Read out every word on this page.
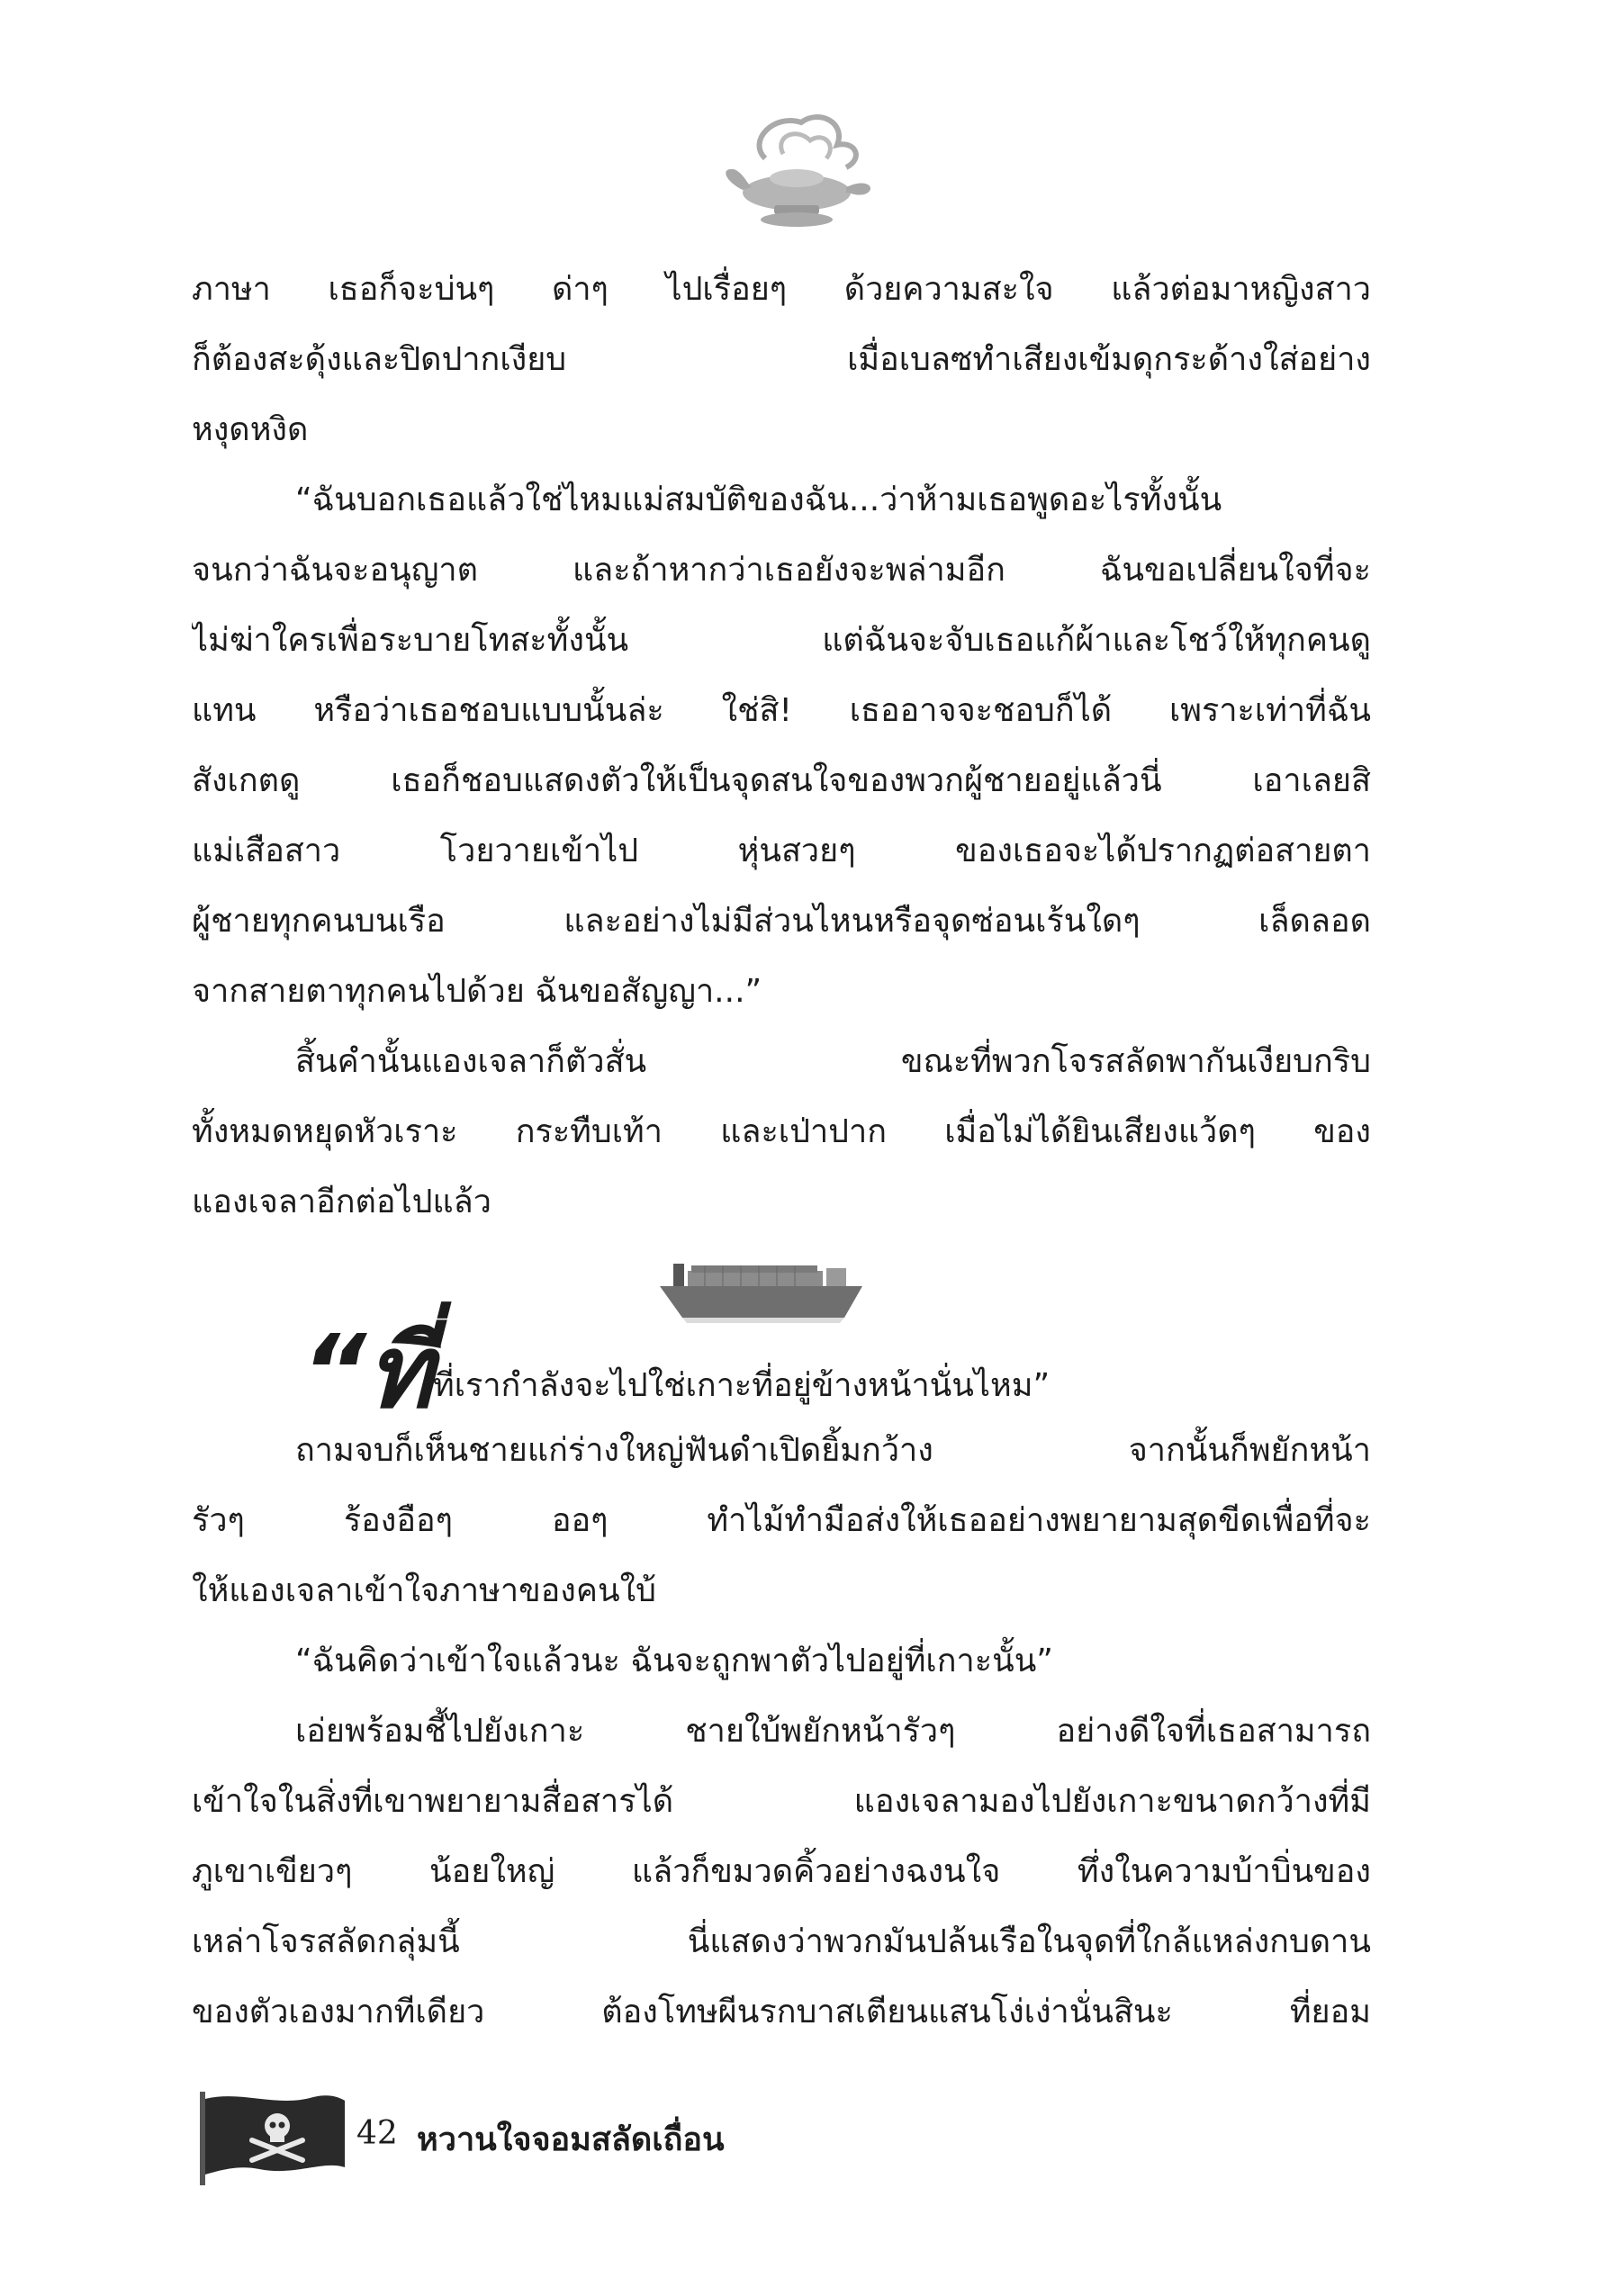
ภาษา เธอก็จะบ่นๆ ด่าๆ ไปเรื่อยๆ ด้วยความสะใจ แล้วต่อมาหญิงสาว
ก็ต้องสะดุ้งและปิดปากเงียบ เมื่อเบลซทำเสียงเข้มดุกระด้างใส่อย่าง
หงุดหงิด
“ฉันบอกเธอแล้วใช่ไหมแม่สมบัติของฉัน...ว่าห้ามเธอพูดอะไรทั้งนั้น
จนกว่าฉันจะอนุญาต และถ้าหากว่าเธอยังจะพล่ามอีก ฉันขอเปลี่ยนใจที่จะ
ไม่ฆ่าใครเพื่อระบายโทสะทั้งนั้น แต่ฉันจะจับเธอแก้ผ้าและโชว์ให้ทุกคนดู
แทน หรือว่าเธอชอบแบบนั้นล่ะ ใช่สิ! เธออาจจะชอบก็ได้ เพราะเท่าที่ฉัน
สังเกตดู เธอก็ชอบแสดงตัวให้เป็นจุดสนใจของพวกผู้ชายอยู่แล้วนี่ เอาเลยสิ
แม่เสือสาว โวยวายเข้าไป หุ่นสวยๆ ของเธอจะได้ปรากฏต่อสายตา
ผู้ชายทุกคนบนเรือ และอย่างไม่มีส่วนไหนหรือจุดซ่อนเร้นใดๆ เล็ดลอด
จากสายตาทุกคนไปด้วย ฉันขอสัญญา...”
สิ้นคำนั้นแองเจลาก็ตัวสั่น ขณะที่พวกโจรสลัดพากันเงียบกริบ
ทั้งหมดหยุดหัวเราะ กระทืบเท้า และเป่าปาก เมื่อไม่ได้ยินเสียงแว้ดๆ ของ
แองเจลาอีกต่อไปแล้ว
“ที่ที่เรากำลังจะไปใช่เกาะที่อยู่ข้างหน้านั่นไหม”
ถามจบก็เห็นชายแก่ร่างใหญ่ฟันดำเปิดยิ้มกว้าง จากนั้นก็พยักหน้า
รัวๆ ร้องอือๆ ออๆ ทำไม้ทำมือส่งให้เธออย่างพยายามสุดขีดเพื่อที่จะ
ให้แองเจลาเข้าใจภาษาของคนใบ้
“ฉันคิดว่าเข้าใจแล้วนะ ฉันจะถูกพาตัวไปอยู่ที่เกาะนั้น”
เอ่ยพร้อมชี้ไปยังเกาะ ชายใบ้พยักหน้ารัวๆ อย่างดีใจที่เธอสามารถ
เข้าใจในสิ่งที่เขาพยายามสื่อสารได้ แองเจลามองไปยังเกาะขนาดกว้างที่มี
ภูเขาเขียวๆ น้อยใหญ่ แล้วก็ขมวดคิ้วอย่างฉงนใจ ทึ่งในความบ้าบิ่นของ
เหล่าโจรสลัดกลุ่มนี้ นี่แสดงว่าพวกมันปล้นเรือในจุดที่ใกล้แหล่งกบดาน
ของตัวเองมากทีเดียว ต้องโทษผีนรกบาสเตียนแสนโง่เง่านั่นสินะ ที่ยอม
42 หวานใจจอมสลัดเถื่อน
